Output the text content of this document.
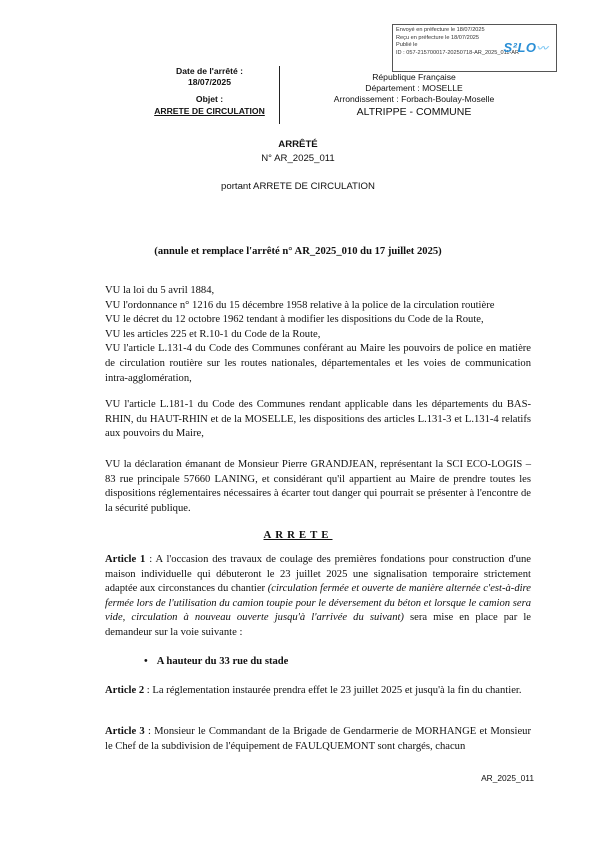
Envoyé en préfecture le 18/07/2025
Reçu en préfecture le 18/07/2025
Publié le
ID : 057-215700017-20250718-AR_2025_011-AR
S²LO〰
Date de l'arrêté :
18/07/2025
Objet :
ARRETE DE CIRCULATION
République Française
Département : MOSELLE
Arrondissement : Forbach-Boulay-Moselle
ALTRIPPE - COMMUNE
ARRÊTÉ
N° AR_2025_011
portant ARRETE DE CIRCULATION
(annule et remplace l'arrêté n° AR_2025_010 du 17 juillet 2025)

VU la loi du 5 avril 1884,

VU l'ordonnance n° 1216 du 15 décembre 1958 relative à la police de la circulation routière

VU le décret du 12 octobre 1962 tendant à modifier les dispositions du Code de la Route,

VU les articles 225 et R.10-1 du Code de la Route,

VU l'article L.131-4 du Code des Communes conférant au Maire les pouvoirs de police en matière de circulation routière sur les routes nationales, départementales et les voies de communication intra-agglomération,

VU l'article L.181-1 du Code des Communes rendant applicable dans les départements du BAS-RHIN, du HAUT-RHIN et de la MOSELLE, les dispositions des articles L.131-3 et L.131-4 relatifs aux pouvoirs du Maire,

VU la déclaration émanant de Monsieur Pierre GRANDJEAN, représentant la SCI ECO-LOGIS – 83 rue principale 57660 LANING, et considérant qu'il appartient au Maire de prendre toutes les dispositions réglementaires nécessaires à écarter tout danger qui pourrait se présenter à l'encontre de la sécurité publique.

ARRETE

Article 1 : A l'occasion des travaux de coulage des premières fondations pour construction d'une maison individuelle qui débuteront le 23 juillet 2025 une signalisation temporaire strictement adaptée aux circonstances du chantier (circulation fermée et ouverte de manière alternée c'est-à-dire fermée lors de l'utilisation du camion toupie pour le déversement du béton et lorsque le camion sera vide, circulation à nouveau ouverte jusqu'à l'arrivée du suivant) sera mise en place par le demandeur sur la voie suivante :

• A hauteur du 33 rue du stade

Article 2 : La réglementation instaurée prendra effet le 23 juillet 2025 et jusqu'à la fin du chantier.

Article 3 : Monsieur le Commandant de la Brigade de Gendarmerie de MORHANGE et Monsieur le Chef de la subdivision de l'équipement de FAULQUEMONT sont chargés, chacun

AR_2025_011
